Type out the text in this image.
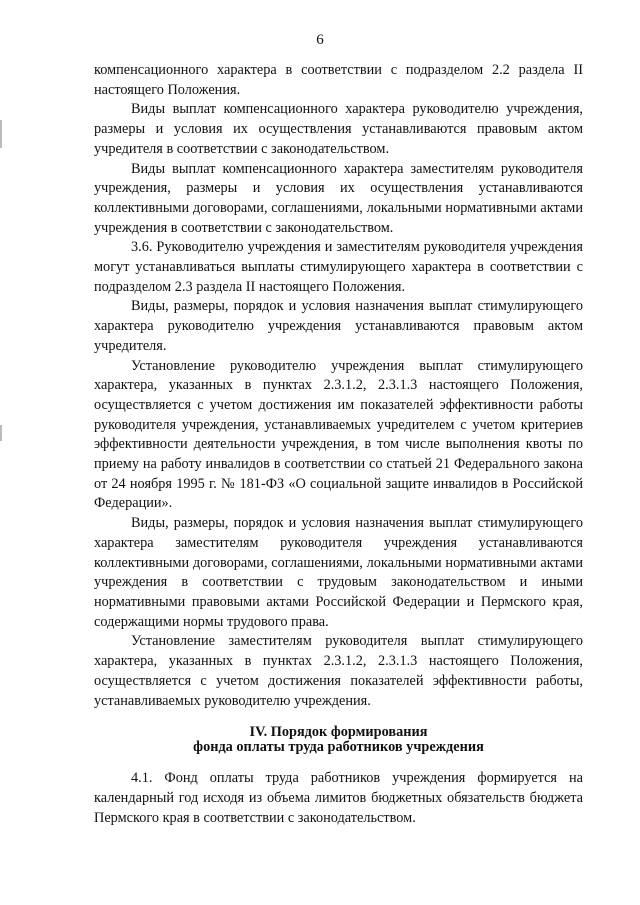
6

компенсационного характера в соответствии с подразделом 2.2 раздела II настоящего Положения.

Виды выплат компенсационного характера руководителю учреждения, размеры и условия их осуществления устанавливаются правовым актом учредителя в соответствии с законодательством.

Виды выплат компенсационного характера заместителям руководителя учреждения, размеры и условия их осуществления устанавливаются коллективными договорами, соглашениями, локальными нормативными актами учреждения в соответствии с законодательством.

3.6. Руководителю учреждения и заместителям руководителя учреждения могут устанавливаться выплаты стимулирующего характера в соответствии с подразделом 2.3 раздела II настоящего Положения.

Виды, размеры, порядок и условия назначения выплат стимулирующего характера руководителю учреждения устанавливаются правовым актом учредителя.

Установление руководителю учреждения выплат стимулирующего характера, указанных в пунктах 2.3.1.2, 2.3.1.3 настоящего Положения, осуществляется с учетом достижения им показателей эффективности работы руководителя учреждения, устанавливаемых учредителем с учетом критериев эффективности деятельности учреждения, в том числе выполнения квоты по приему на работу инвалидов в соответствии со статьей 21 Федерального закона от 24 ноября 1995 г. № 181-ФЗ «О социальной защите инвалидов в Российской Федерации».

Виды, размеры, порядок и условия назначения выплат стимулирующего характера заместителям руководителя учреждения устанавливаются коллективными договорами, соглашениями, локальными нормативными актами учреждения в соответствии с трудовым законодательством и иными нормативными правовыми актами Российской Федерации и Пермского края, содержащими нормы трудового права.

Установление заместителям руководителя выплат стимулирующего характера, указанных в пунктах 2.3.1.2, 2.3.1.3 настоящего Положения, осуществляется с учетом достижения показателей эффективности работы, устанавливаемых руководителю учреждения.

IV. Порядок формирования
фонда оплаты труда работников учреждения

4.1. Фонд оплаты труда работников учреждения формируется на календарный год исходя из объема лимитов бюджетных обязательств бюджета Пермского края в соответствии с законодательством.
